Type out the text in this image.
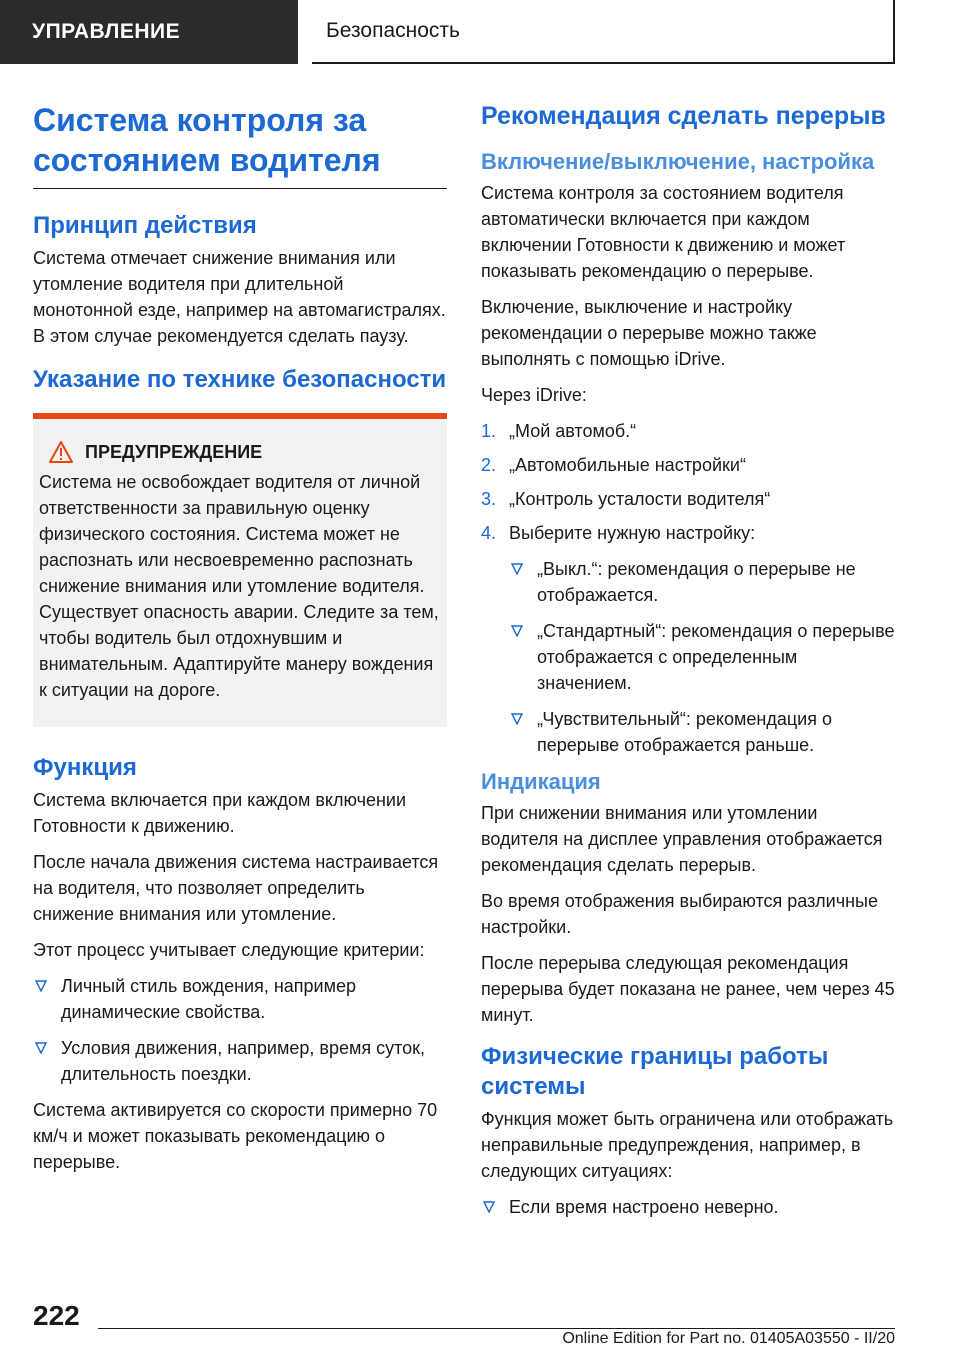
УПРАВЛЕНИЕ	Безопасность
Система контроля за состоянием водителя
Принцип действия

Система отмечает снижение внимания или утомление водителя при длительной монотонной езде, например на автомагистралях. В этом случае рекомендуется сделать паузу.

Указание по технике безопасности
ПРЕДУПРЕЖДЕНИЕ

Система не освобождает водителя от личной ответственности за правильную оценку физического состояния. Система может не распознать или несвоевременно распознать снижение внимания или утомление водителя. Существует опасность аварии. Следите за тем, чтобы водитель был отдохнувшим и внимательным. Адаптируйте манеру вождения к ситуации на дороге.

Функция

Система включается при каждом включении Готовности к движению.

После начала движения система настраивается на водителя, что позволяет определить снижение внимания или утомление.

Этот процесс учитывает следующие критерии:

Личный стиль вождения, например динамические свойства.
Условия движения, например, время суток, длительность поездки.

Система активируется со скорости примерно 70 км/ч и может показывать рекомендацию о перерыве.

Рекомендация сделать перерыв
Включение/выключение, настройка

Система контроля за состоянием водителя автоматически включается при каждом включении Готовности к движению и может показывать рекомендацию о перерыве.

Включение, выключение и настройку рекомендации о перерыве можно также выполнять с помощью iDrive.

Через iDrive:

1. „Мой автомоб.“
2. „Автомобильные настройки“
3. „Контроль усталости водителя“
4. Выберите нужную настройку:
„Выкл.“: рекомендация о перерыве не отображается.
„Стандартный“: рекомендация о перерыве отображается с определенным значением.
„Чувствительный“: рекомендация о перерыве отображается раньше.
Индикация

При снижении внимания или утомлении водителя на дисплее управления отображается рекомендация сделать перерыв.

Во время отображения выбираются различные настройки.

После перерыва следующая рекомендация перерыва будет показана не ранее, чем через 45 минут.

Физические границы работы системы

Функция может быть ограничена или отображать неправильные предупреждения, например, в следующих ситуациях:

Если время настроено неверно.
222
Online Edition for Part no. 01405A03550 - II/20
